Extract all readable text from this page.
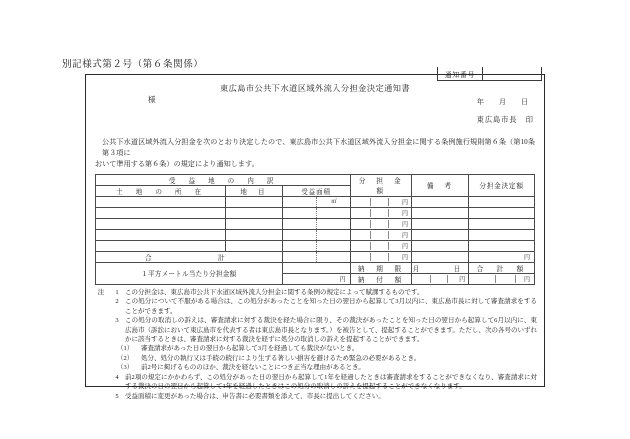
別記様式第２号（第６条関係）
通知番号
東広島市公共下水道区域外流入分担金決定通知書
様	年　月　日
東広島市長　印
公共下水道区域外流入分担金を次のとおり決定したので、東広島市公共下水道区域外流入分担金に関する条例施行規則第６条（第10条第３項に
おいて準用する第６条）の規定により通知します。
受　益　地　の　内　訳			分　担　金　額	備　考	分担金決定額
土　地　の　所　在	地　目	受益面積			

		㎡	円		

			円		

			円		

			円		

			円		

合　　　　計			円		円

１平方メートル当たり分担金額			納　期　限	月　　日	合　計　額

		円	納　付　額	円	円
注	1 この分担金は、東広島市公共下水道区域外流入分担金に関する条例の規定によって賦課するものです。
2 この処分について不服がある場合は、この処分があったことを知った日の翌日から起算して3月以内に、東広島市長に対して審査請求をすることができます。
3 この処分の取消しの訴えは、審査請求に対する裁決を経た場合に限り、その裁決があったことを知った日の翌日から起算して6月以内に、東広島市（訴訟において東広島市を代表する者は東広島市長となります。）を被告として、提起することができます。ただし、次の各号のいずれかに該当するときは、審査請求に対する裁決を経ずに処分の取消しの訴えを提起することができます。
（1）	審査請求があった日の翌日から起算して3月を経過しても裁決がないとき。
（2）	処分、処分の執行又は手続の続行により生ずる著しい損害を避けるため緊急の必要があるとき。
（3）	前2号に掲げるもののほか、裁決を経ないことにつき正当な理由があるとき。
4 前2項の規定にかかわらず、この処分があった日の翌日から起算して1年を経過したときは審査請求をすることができなくなり、審査請求に対する裁決の日の翌日から起算して1年を経過したときはこの処分の取消しの訴えを提起することができなくなります。
5 受益面積に変更があった場合は、申告書に必要書類を添えて、市長に提出してください。
